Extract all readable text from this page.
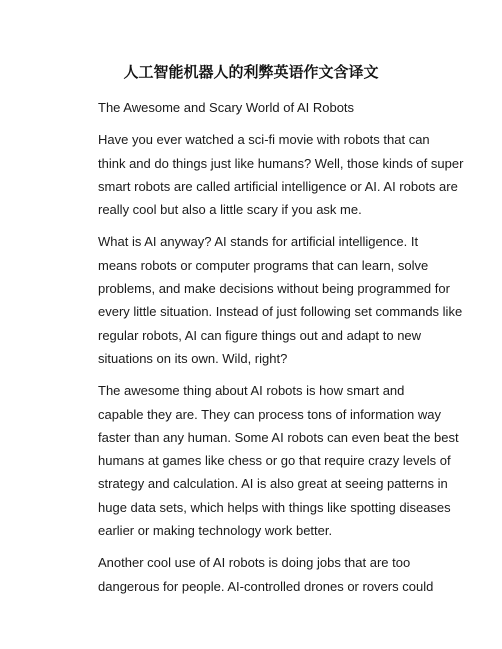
人工智能机器人的利弊英语作文含译文

The Awesome and Scary World of AI Robots

Have you ever watched a sci-fi movie with robots that can
think and do things just like humans? Well, those kinds of super
smart robots are called artificial intelligence or AI. AI robots are
really cool but also a little scary if you ask me.

What is AI anyway? AI stands for artificial intelligence. It
means robots or computer programs that can learn, solve
problems, and make decisions without being programmed for
every little situation. Instead of just following set commands like
regular robots, AI can figure things out and adapt to new
situations on its own. Wild, right?

The awesome thing about AI robots is how smart and
capable they are. They can process tons of information way
faster than any human. Some AI robots can even beat the best
humans at games like chess or go that require crazy levels of
strategy and calculation. AI is also great at seeing patterns in
huge data sets, which helps with things like spotting diseases
earlier or making technology work better.

Another cool use of AI robots is doing jobs that are too
dangerous for people. AI-controlled drones or rovers could
